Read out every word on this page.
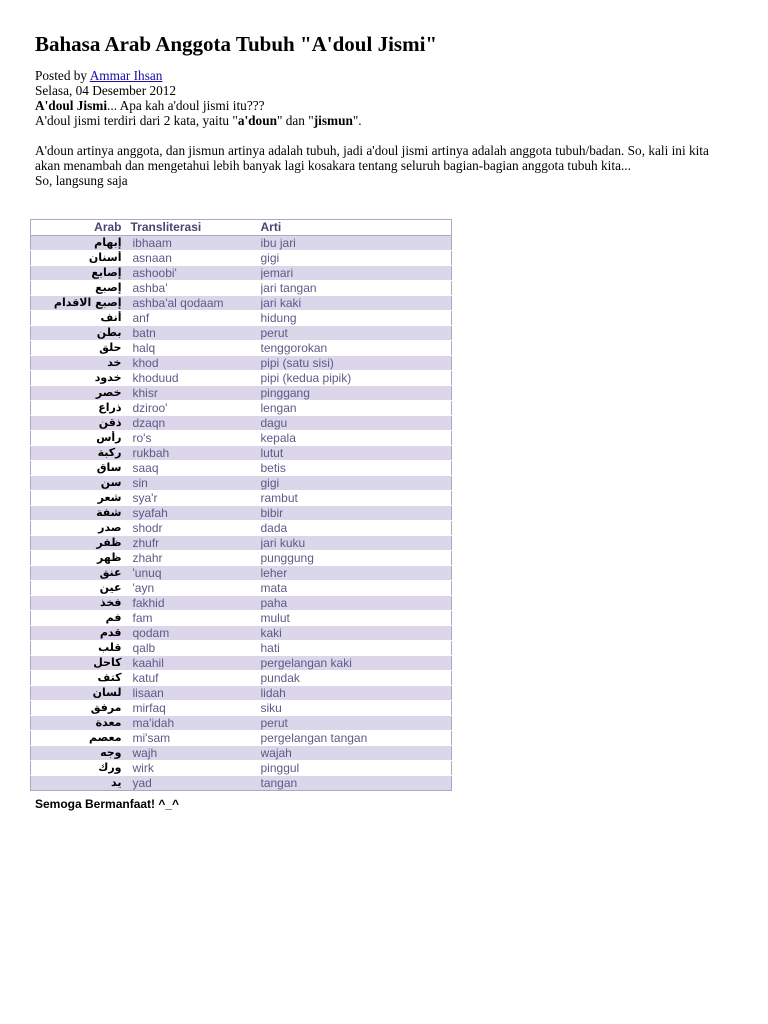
Bahasa Arab Anggota Tubuh "A'doul Jismi"
Posted by Ammar Ihsan
Selasa, 04 Desember 2012
A'doul Jismi... Apa kah a'doul jismi itu???
A'doul jismi terdiri dari 2 kata, yaitu "a'doun" dan "jismun".
A'doun artinya anggota, dan jismun artinya adalah tubuh, jadi a'doul jismi artinya adalah anggota tubuh/badan. So, kali ini kita akan menambah dan mengetahui lebih banyak lagi kosakara tentang seluruh bagian-bagian anggota tubuh kita...
So, langsung saja
Arab	Transliterasi	Arti
إبهام	ibhaam	ibu jari
أسنان	asnaan	gigi
إصابع	ashoobi'	jemari
إصبع	ashba'	jari tangan
إصبع الاقدام	ashba'al qodaam	jari kaki
أنف	anf	hidung
بطن	batn	perut
حلق	halq	tenggorokan
خد	khod	pipi (satu sisi)
خدود	khoduud	pipi (kedua pipik)
خصر	khisr	pinggang
ذراع	dziroo'	lengan
ذقن	dzaqn	dagu
رأس	ro's	kepala
ركبة	rukbah	lutut
ساق	saaq	betis
سن	sin	gigi
شعر	sya'r	rambut
شفة	syafah	bibir
صدر	shodr	dada
ظفر	zhufr	jari kuku
ظهر	zhahr	punggung
عنق	'unuq	leher
عين	'ayn	mata
فخذ	fakhid	paha
فم	fam	mulut
قدم	qodam	kaki
قلب	qalb	hati
كاحل	kaahil	pergelangan kaki
كتف	katuf	pundak
لسان	lisaan	lidah
مرفق	mirfaq	siku
معدة	ma'idah	perut
معصم	mi'sam	pergelangan tangan
وجه	wajh	wajah
ورك	wirk	pinggul
يد	yad	tangan
Semoga Bermanfaat! ^_^
